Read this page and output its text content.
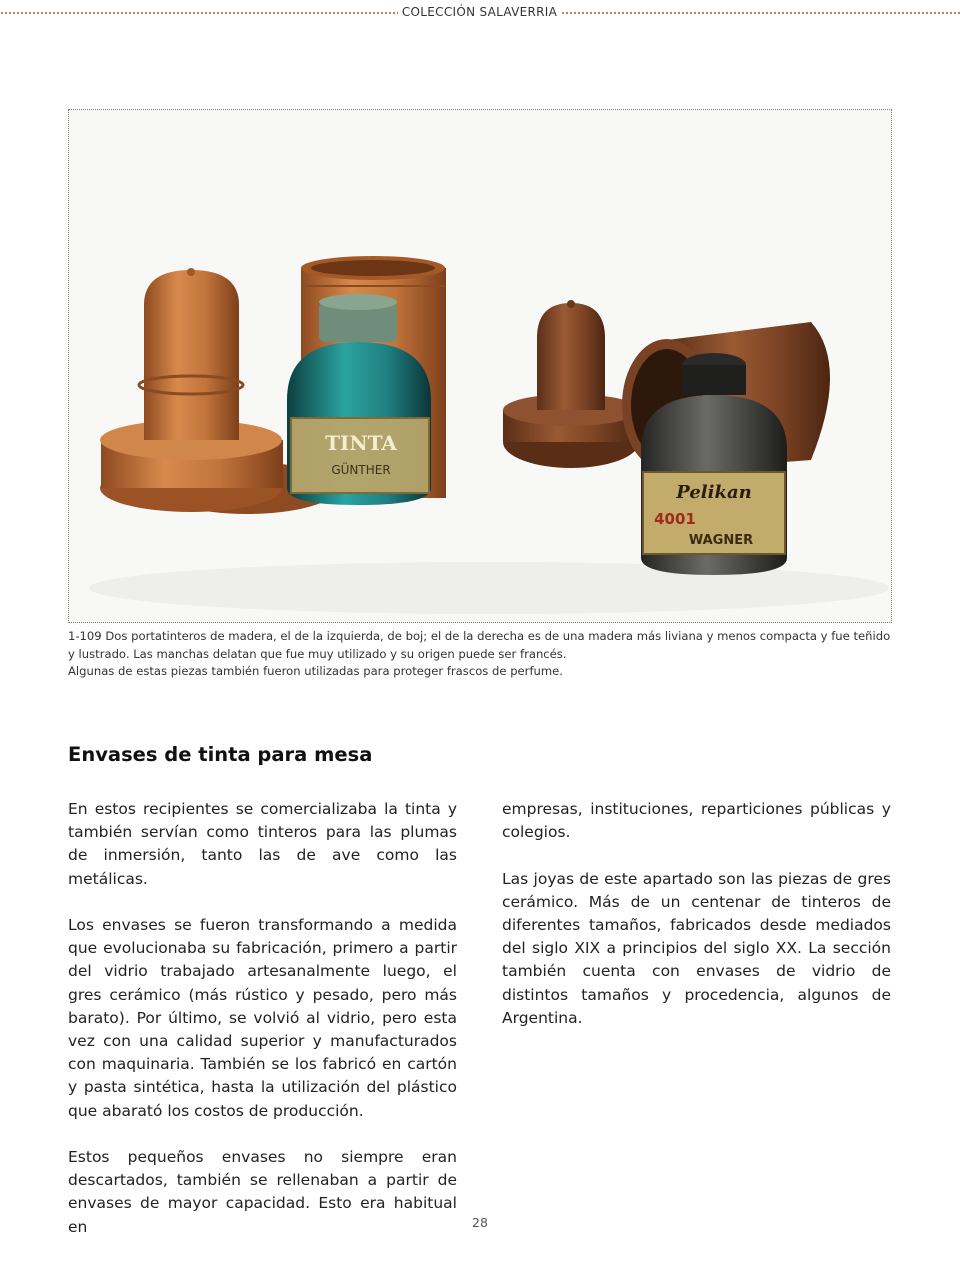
COLECCIÓN SALAVERRIA
TINTA
GÜNTHER
Pelikan
4001
WAGNER

1-109 Dos portatinteros de madera, el de la izquierda, de boj; el de la derecha es de una madera más liviana y menos compacta y fue teñido y lustrado. Las manchas delatan que fue muy utilizado y su origen puede ser francés.

Algunas de estas piezas también fueron utilizadas para proteger frascos de perfume.

Envases de tinta para mesa

En estos recipientes se comercializaba la tinta y también servían como tinteros para las plumas de inmersión, tanto las de ave como las metálicas.

Los envases se fueron transformando a medida que evolucionaba su fabricación, primero a partir del vidrio trabajado artesanalmente luego, el gres cerámico (más rústico y pesado, pero más barato). Por último, se volvió al vidrio, pero esta vez con una calidad superior y manufacturados con maquinaria. También se los fabricó en cartón y pasta sintética, hasta la utilización del plástico que abarató los costos de producción.

Estos pequeños envases no siempre eran descartados, también se rellenaban a partir de envases de mayor capacidad. Esto era habitual en

empresas, instituciones, reparticiones públicas y colegios.

Las joyas de este apartado son las piezas de gres cerámico. Más de un centenar de tinteros de diferentes tamaños, fabricados desde mediados del siglo XIX a principios del siglo XX. La sección también cuenta con envases de vidrio de distintos tamaños y procedencia, algunos de Argentina.

28
